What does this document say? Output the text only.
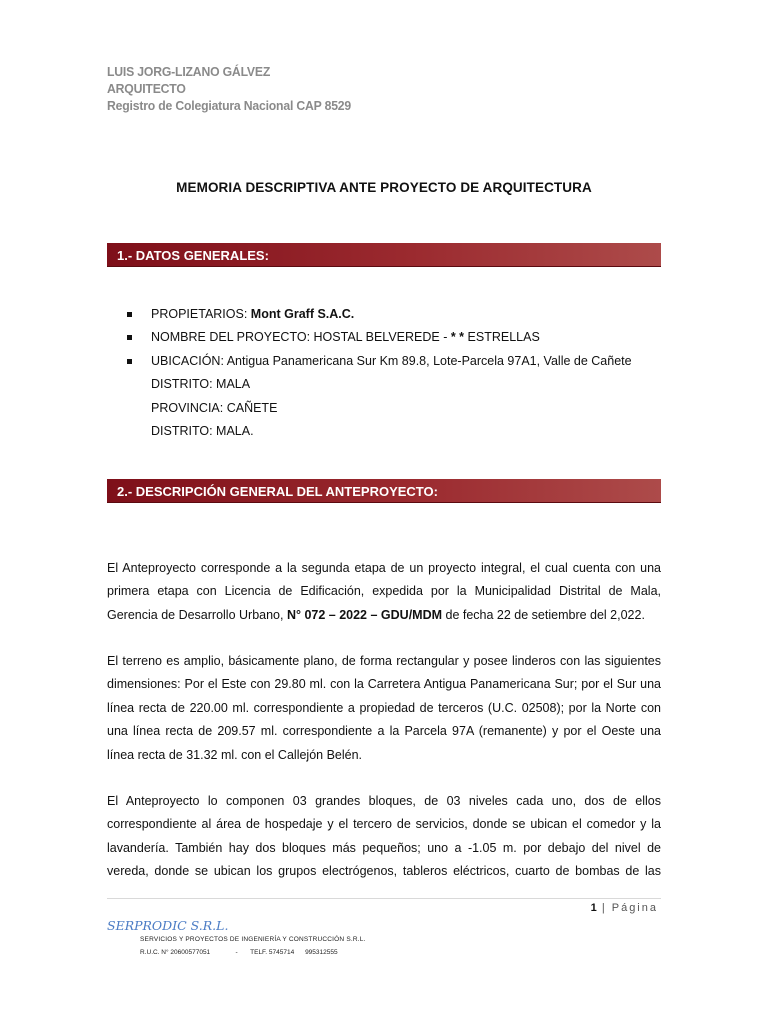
LUIS JORG-LIZANO GÁLVEZ
ARQUITECTO
Registro de Colegiatura Nacional CAP 8529
MEMORIA DESCRIPTIVA ANTE PROYECTO DE ARQUITECTURA
1.- DATOS GENERALES:
PROPIETARIOS: Mont Graff S.A.C.
NOMBRE DEL PROYECTO: HOSTAL BELVEREDE - * * ESTRELLAS
UBICACIÓN: Antigua Panamericana Sur Km 89.8, Lote-Parcela 97A1, Valle de Cañete
DISTRITO: MALA
PROVINCIA: CAÑETE
DISTRITO: MALA.
2.- DESCRIPCIÓN GENERAL DEL ANTEPROYECTO:
El Anteproyecto corresponde a la segunda etapa de un proyecto integral, el cual cuenta con una
primera etapa con Licencia de Edificación, expedida por la Municipalidad Distrital de Mala,
Gerencia de Desarrollo Urbano, N° 072 – 2022 – GDU/MDM de fecha 22 de setiembre del 2,022.
El terreno es amplio, básicamente plano, de forma rectangular y posee linderos con las siguientes
dimensiones: Por el Este con 29.80 ml. con la Carretera Antigua Panamericana Sur; por el Sur una
línea recta de 220.00 ml. correspondiente a propiedad de terceros (U.C. 02508); por la Norte con
una línea recta de 209.57 ml. correspondiente a la Parcela 97A (remanente) y por el Oeste una
línea recta de 31.32 ml. con el Callejón Belén.
El Anteproyecto lo componen 03 grandes bloques, de 03 niveles cada uno, dos de ellos
correspondiente al área de hospedaje y el tercero de servicios, donde se ubican el comedor y la
lavandería. También hay dos bloques más pequeños; uno a -1.05 m. por debajo del nivel de
vereda, donde se ubican los grupos electrógenos, tableros eléctricos, cuarto de bombas de las
1 | Página
SERPRODIC S.R.L.
SERVICIOS Y PROYECTOS DE INGENIERÍA Y CONSTRUCCIÓN S.R.L.
R.U.C. N° 20600577051              -       TELF. 5745714      995312555
